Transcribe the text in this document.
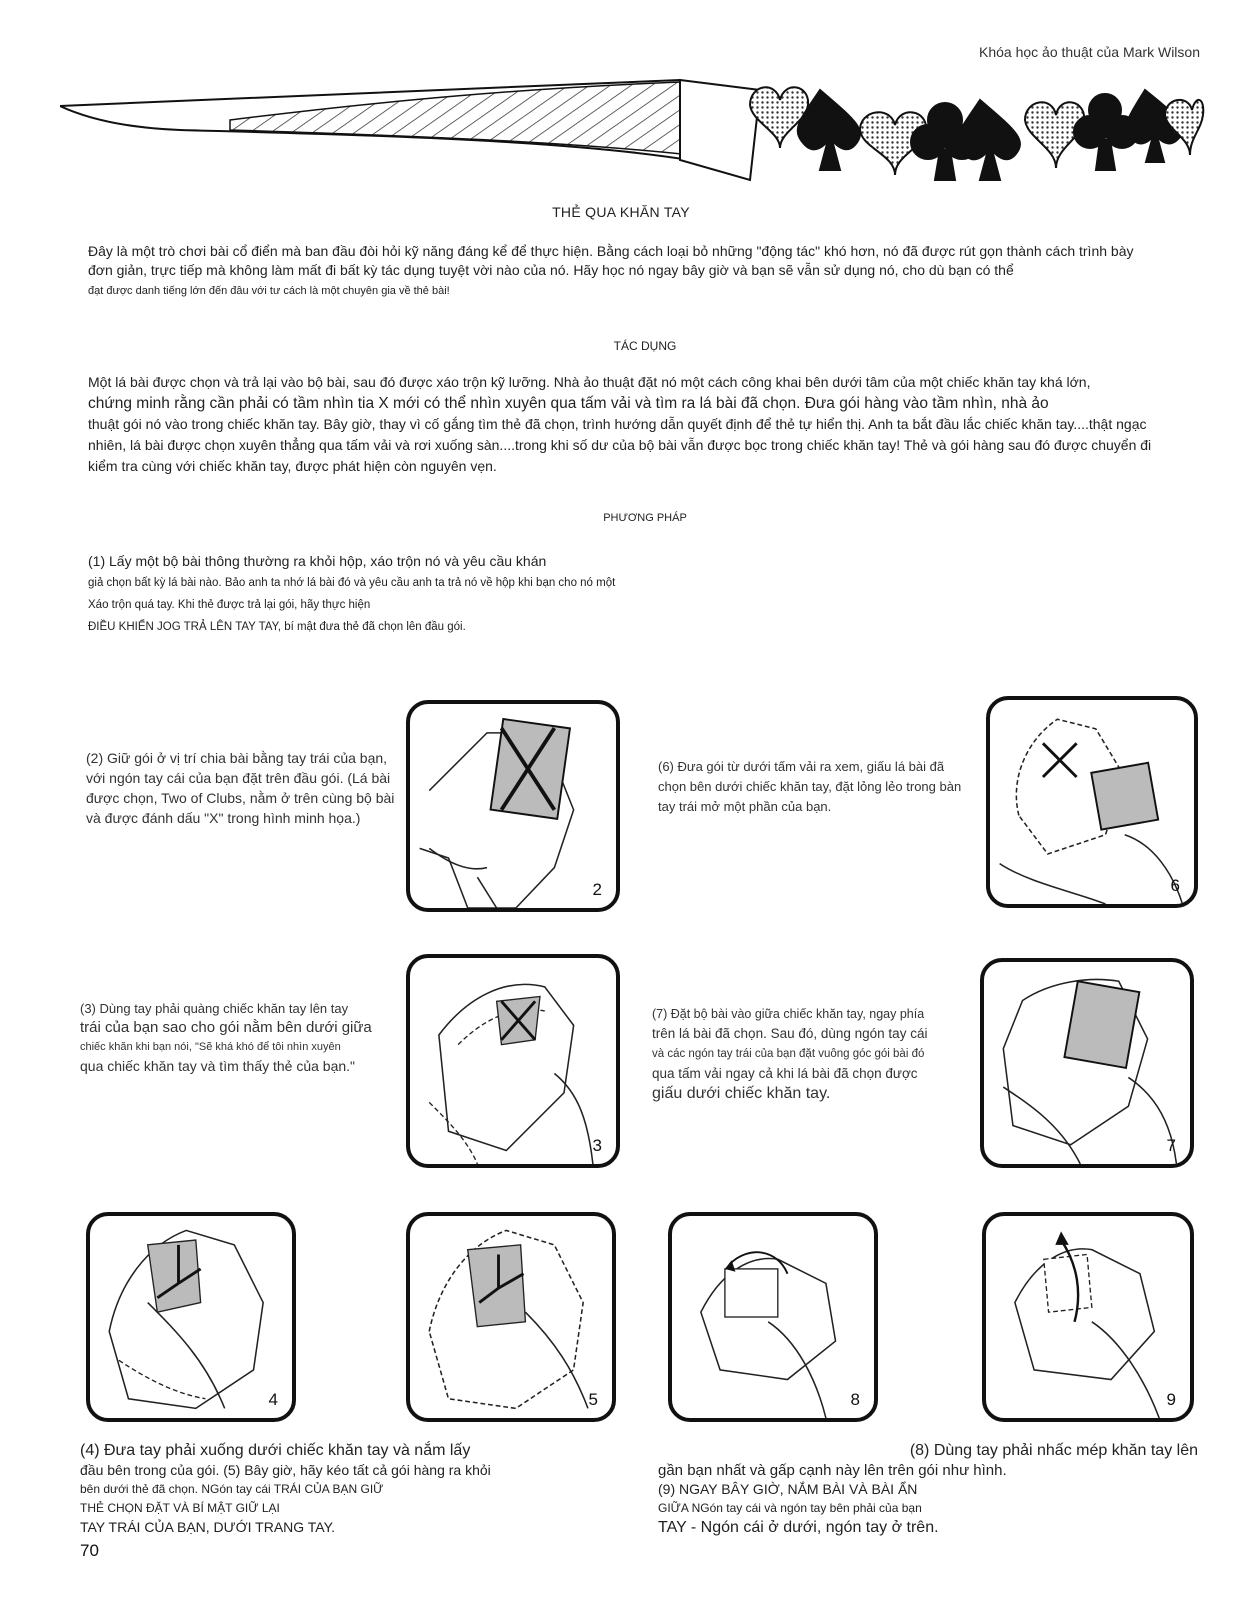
Khóa học ảo thuật của Mark Wilson
THẺ QUA KHĂN TAY
Đây là một trò chơi bài cổ điển mà ban đầu đòi hỏi kỹ năng đáng kể để thực hiện. Bằng cách loại bỏ những "động tác" khó hơn, nó đã được rút gọn thành cách trình bày đơn giản, trực tiếp mà không làm mất đi bất kỳ tác dụng tuyệt vời nào của nó. Hãy học nó ngay bây giờ và bạn sẽ vẫn sử dụng nó, cho dù bạn có thể
đạt được danh tiếng lớn đến đâu với tư cách là một chuyên gia về thẻ bài!
TÁC DỤNG
Một lá bài được chọn và trả lại vào bộ bài, sau đó được xáo trộn kỹ lưỡng. Nhà ảo thuật đặt nó một cách công khai bên dưới tâm của một chiếc khăn tay khá lớn,
chứng minh rằng cần phải có tầm nhìn tia X mới có thể nhìn xuyên qua tấm vải và tìm ra lá bài đã chọn. Đưa gói hàng vào tầm nhìn, nhà ảo
thuật gói nó vào trong chiếc khăn tay. Bây giờ, thay vì cố gắng tìm thẻ đã chọn, trình hướng dẫn quyết định để thẻ tự hiển thị. Anh ta bắt đầu lắc chiếc khăn tay....thật ngạc nhiên, lá bài được chọn xuyên thẳng qua tấm vải và rơi xuống sàn....trong khi số dư của bộ bài vẫn được bọc trong chiếc khăn tay! Thẻ và gói hàng sau đó được chuyển đi kiểm tra cùng với chiếc khăn tay, được phát hiện còn nguyên vẹn.
PHƯƠNG PHÁP
(1) Lấy một bộ bài thông thường ra khỏi hộp, xáo trộn nó và yêu cầu khán
giả chọn bất kỳ lá bài nào. Bảo anh ta nhớ lá bài đó và yêu cầu anh ta trả nó về hộp khi bạn cho nó một Xáo trộn quá tay. Khi thẻ được trả lại gói, hãy thực hiện
ĐIỀU KHIỂN JOG TRẢ LÊN TAY TAY, bí mật đưa thẻ đã chọn lên đầu gói.
(2) Giữ gói ở vị trí chia bài bằng tay trái của bạn, với ngón tay cái của bạn đặt trên đầu gói. (Lá bài được chọn, Two of Clubs, nằm ở trên cùng bộ bài và được đánh dấu "X" trong hình minh họa.)
2
(6) Đưa gói từ dưới tấm vải ra xem, giấu lá bài đã chọn bên dưới chiếc khăn tay, đặt lỏng lẻo trong bàn tay trái mở một phần của bạn.
6
(3) Dùng tay phải quàng chiếc khăn tay lên tay
trái của bạn sao cho gói nằm bên dưới giữa
chiếc khăn khi bạn nói, "Sẽ khá khó để tôi nhìn xuyên
qua chiếc khăn tay và tìm thấy thẻ của bạn."
3
(7) Đặt bộ bài vào giữa chiếc khăn tay, ngay phía
trên lá bài đã chọn. Sau đó, dùng ngón tay cái
và các ngón tay trái của bạn đặt vuông góc gói bài đó
qua tấm vải ngay cả khi lá bài đã chọn được
giấu dưới chiếc khăn tay.
7
4	5	8	9
(4) Đưa tay phải xuống dưới chiếc khăn tay và nắm lấy
đầu bên trong của gói. (5) Bây giờ, hãy kéo tất cả gói hàng ra khỏi
bên dưới thẻ đã chọn. NGón tay cái TRÁI CỦA BẠN GIỮ
THẺ CHỌN ĐẶT VÀ BÍ MẬT GIỮ LẠI
TAY TRÁI CỦA BẠN, DƯỚI TRANG TAY.
(8) Dùng tay phải nhấc mép khăn tay lên
gần bạn nhất và gấp cạnh này lên trên gói như hình.
(9) NGAY BÂY GIỜ, NẮM BÀI VÀ BÀI ẨN
GIỮA NGón tay cái và ngón tay bên phải của bạn
TAY - Ngón cái ở dưới, ngón tay ở trên.
70
